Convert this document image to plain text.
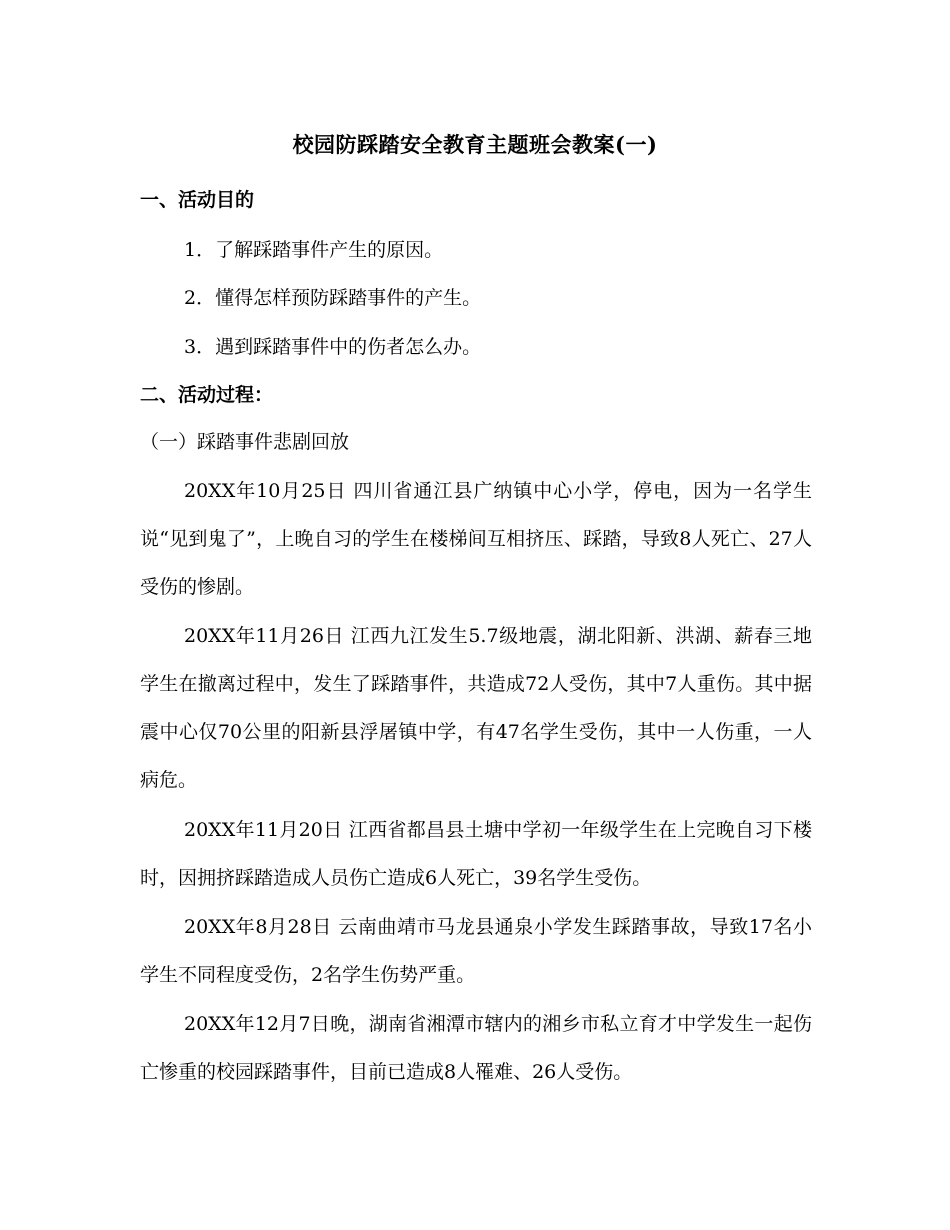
校园防踩踏安全教育主题班会教案(一)
一、活动目的
1．了解踩踏事件产生的原因。
2．懂得怎样预防踩踏事件的产生。
3．遇到踩踏事件中的伤者怎么办。
二、活动过程：
（一）踩踏事件悲剧回放
20XX年10月25日 四川省通江县广纳镇中心小学，停电，因为一名学生说“见到鬼了”，上晚自习的学生在楼梯间互相挤压、踩踏，导致8人死亡、27人受伤的惨剧。
20XX年11月26日 江西九江发生5.7级地震，湖北阳新、洪湖、薪春三地学生在撤离过程中，发生了踩踏事件，共造成72人受伤，其中7人重伤。其中据震中心仅70公里的阳新县浮屠镇中学，有47名学生受伤，其中一人伤重，一人病危。
20XX年11月20日 江西省都昌县土塘中学初一年级学生在上完晚自习下楼时，因拥挤踩踏造成人员伤亡造成6人死亡，39名学生受伤。
20XX年8月28日 云南曲靖市马龙县通泉小学发生踩踏事故，导致17名小学生不同程度受伤，2名学生伤势严重。
20XX年12月7日晚，湖南省湘潭市辖内的湘乡市私立育才中学发生一起伤亡惨重的校园踩踏事件，目前已造成8人罹难、26人受伤。
